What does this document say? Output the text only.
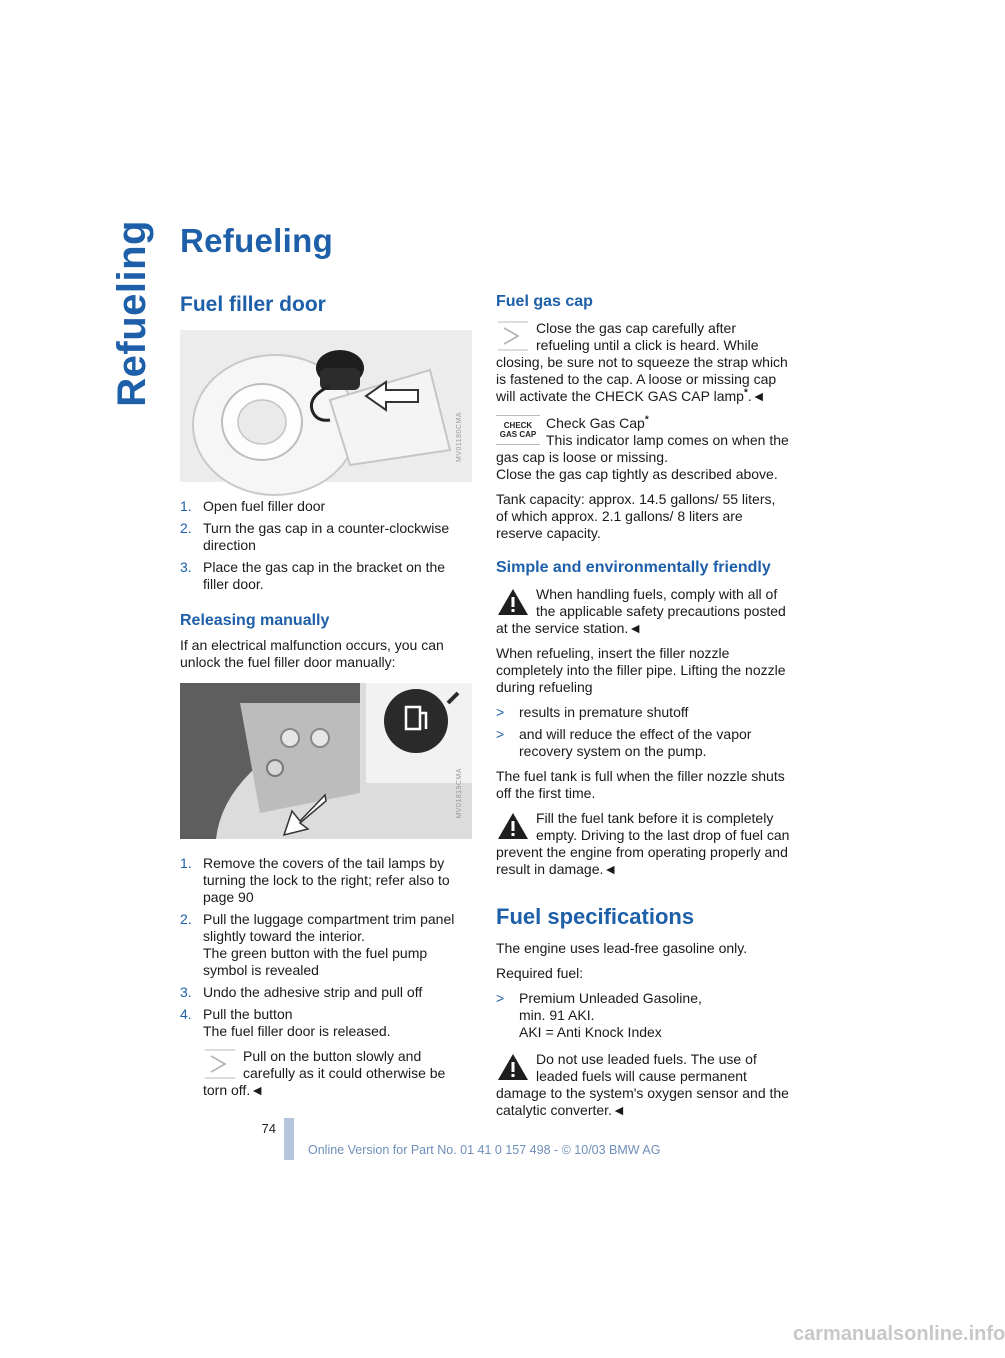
Refueling Refueling
Fuel filler door
MV01180CMA
1. Open fuel filler door
2. Turn the gas cap in a counter-clockwise direction
3. Place the gas cap in the bracket on the filler door.
Releasing manually

If an electrical malfunction occurs, you can unlock the fuel filler door manually:

MV01819CMA
1. Remove the covers of the tail lamps by turning the lock to the right; refer also to page 90
2. Pull the luggage compartment trim panel slightly toward the interior.
The green button with the fuel pump symbol is revealed
3. Undo the adhesive strip and pull off
4. Pull the button
The fuel filler door is released.
Pull on the button slowly and carefully as it could otherwise be torn off.◄
Fuel gas cap
Close the gas cap carefully after refueling until a click is heard. While closing, be sure not to squeeze the strap which is fastened to the cap. A loose or missing cap will activate the CHECK GAS CAP lamp*.◄
CHECK GAS CAP
Check Gas Cap*
This indicator lamp comes on when the gas cap is loose or missing.
Close the gas cap tightly as described above.

Tank capacity: approx. 14.5 gallons/ 55 liters, of which approx. 2.1 gallons/ 8 liters are reserve capacity.

Simple and environmentally friendly
When handling fuels, comply with all of the applicable safety precautions posted at the service station.◄

When refueling, insert the filler nozzle completely into the filler pipe. Lifting the nozzle during refueling

> results in premature shutoff
> and will reduce the effect of the vapor recovery system on the pump.

The fuel tank is full when the filler nozzle shuts off the first time.

Fill the fuel tank before it is completely empty. Driving to the last drop of fuel can prevent the engine from operating properly and result in damage.◄
Fuel specifications

The engine uses lead-free gasoline only.

Required fuel:

> Premium Unleaded Gasoline,
min. 91 AKI.
AKI = Anti Knock Index
Do not use leaded fuels. The use of leaded fuels will cause permanent damage to the system's oxygen sensor and the catalytic converter.◄
74
Online Version for Part No. 01 41 0 157 498 - © 10/03 BMW AG
carmanualsonline.info
